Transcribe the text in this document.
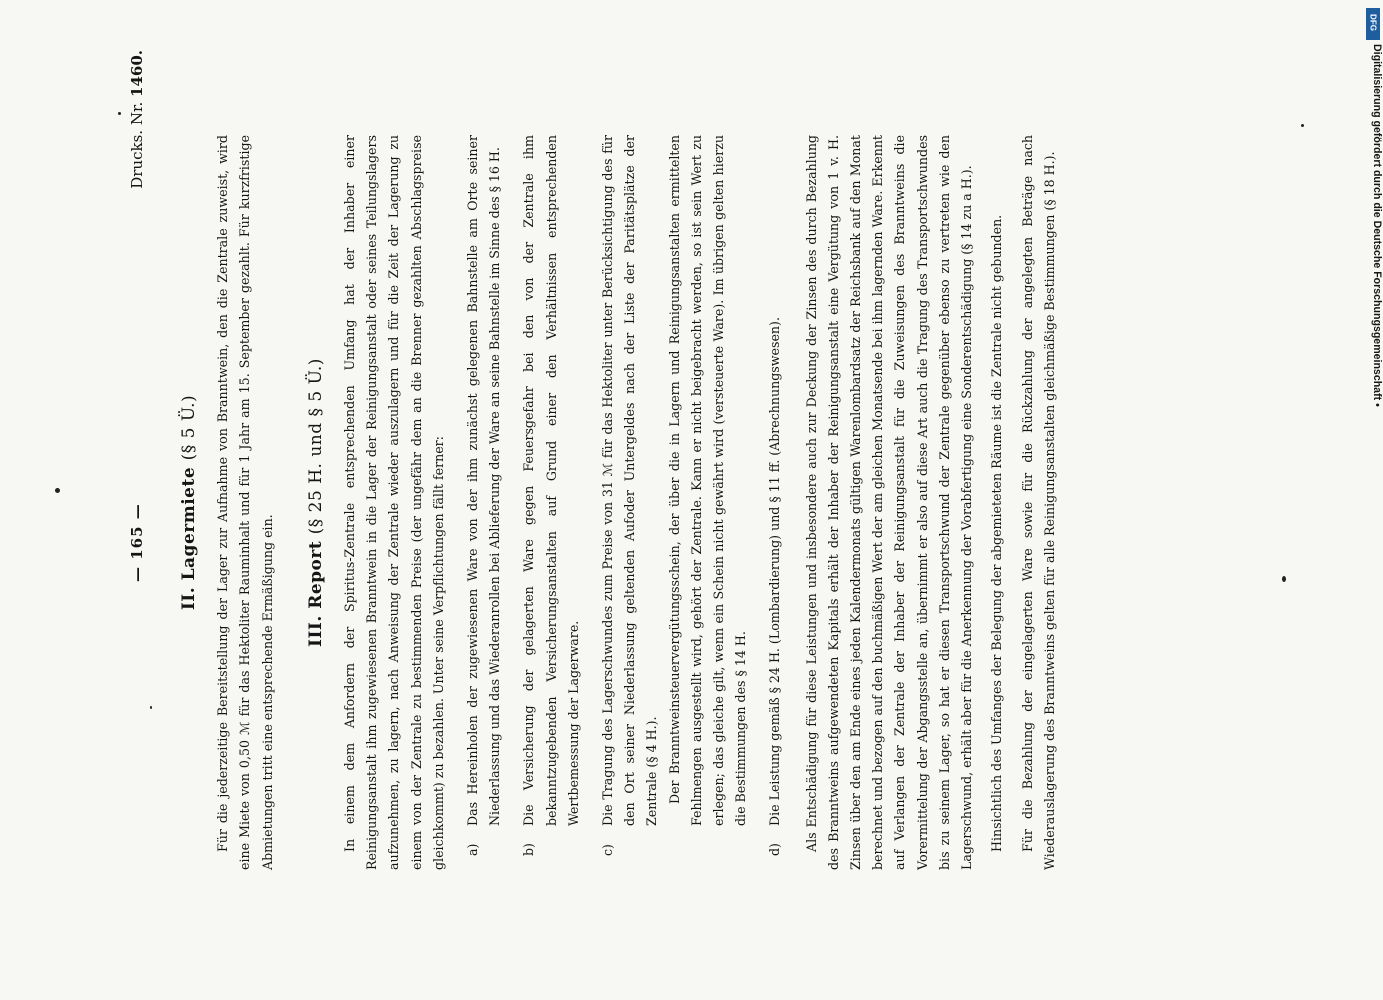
— 165 —
Drucks. Nr. 1460.
II. Lagermiete (§ 5 Ü.) Für die jederzeitige Bereitstellung der Lager zur Aufnahme von Branntwein, den die Zentrale zuweist, wird eine Miete von 0,50 ℳ für das Hektoliter Rauminhalt und für 1 Jahr am 15. September gezahlt. Für kurzfristige Abmietungen tritt eine entsprechende Ermäßigung ein. III. Report (§ 25 H. und § 5 Ü.) In einem dem Anfordern der Spiritus-Zentrale entsprechenden Umfang hat der Inhaber einer Reinigungsanstalt ihm zugewiesenen Branntwein in die Lager der Reinigungsanstalt oder seines Teilungslagers aufzunehmen, zu lagern, nach Anweisung der Zentrale wieder auszulagern und für die Zeit der Lagerung zu einem von der Zentrale zu bestimmenden Preise (der ungefähr dem an die Brenner gezahlten Abschlagspreise gleichkommt) zu bezahlen. Unter seine Verpflichtungen fällt ferner:	a)

Das Hereinholen der zugewiesenen Ware von der ihm zunächst gelegenen Bahnstelle am Orte seiner Niederlassung und das Wiederanrollen bei Ablieferung der Ware an seine Bahnstelle im Sinne des § 16 H.

b)

Die Versicherung der gelagerten Ware gegen Feuersgefahr bei den von der Zentrale ihm bekanntzugebenden Versicherungsanstalten auf Grund einer den Verhältnissen entsprechenden Wertbemessung der Lagerware.

c)

Die Tragung des Lagerschwundes zum Preise von 31 ℳ für das Hektoliter unter Berücksichtigung des für den Ort seiner Niederlassung geltenden Aufoder Untergeldes nach der Liste der Paritätsplätze der Zentrale (§ 4 H.). Der Branntweinsteuervergütungsschein, der über die in Lagern und Reinigungsanstalten ermittelten Fehlmengen ausgestellt wird, gehört der Zentrale. Kann er nicht beigebracht werden, so ist sein Wert zu erlegen; das gleiche gilt, wenn ein Schein nicht gewährt wird (versteuerte Ware). Im übrigen gelten hierzu die Bestimmungen des § 14 H.

d)

Die Leistung gemäß § 24 H. (Lombardierung) und § 11 ff. (Abrechnungswesen).	Als Entschädigung für diese Leistungen und insbesondere auch zur Deckung der Zinsen des durch Bezahlung des Branntweins aufgewendeten Kapitals erhält der Inhaber der Reinigungsanstalt eine Vergütung von 1 v. H. Zinsen über den am Ende eines jeden Kalendermonats gültigen Warenlombardsatz der Reichsbank auf den Monat berechnet und bezogen auf den buchmäßigen Wert der am gleichen Monatsende bei ihm lagernden Ware. Erkennt auf Verlangen der Zentrale der Inhaber der Reinigungsanstalt für die Zuweisungen des Branntweins die Vorermittelung der Abgangsstelle an, übernimmt er also auf diese Art auch die Tragung des Transportschwundes bis zu seinem Lager, so hat er diesen Transportschwund der Zentrale gegenüber ebenso zu vertreten wie den Lagerschwund, erhält aber für die Anerkennung der Vorabfertigung eine Sonderentschädigung (§ 14 zu a H.).	Hinsichtlich des Umfanges der Belegung der abgemieteten Räume ist die Zentrale nicht gebunden.	Für die Bezahlung der eingelagerten Ware sowie für die Rückzahlung der angelegten Beträge nach Wiederauslagerung des Branntweins gelten für alle Reinigungsanstalten gleichmäßige Bestimmungen (§ 18 H.).

DFG
Digitalisierung gefördert durch die Deutsche Forschungsgemeinschaft •
